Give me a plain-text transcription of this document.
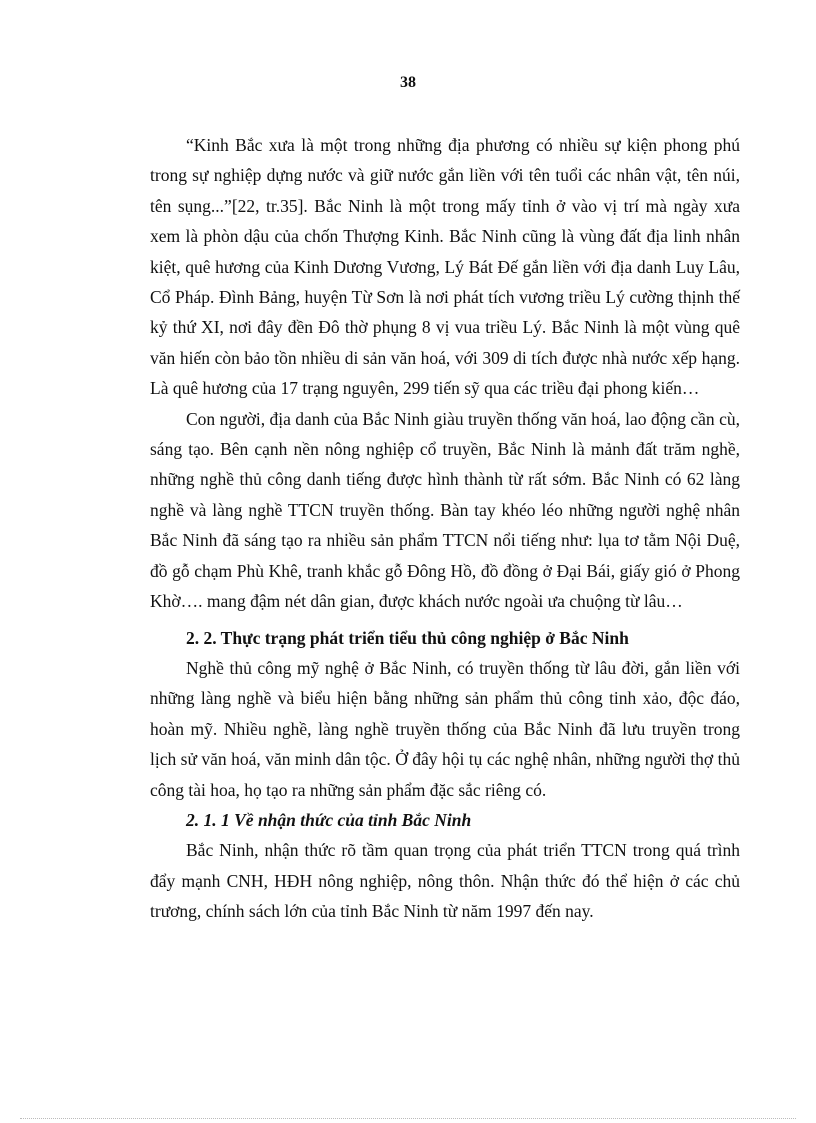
38

“Kinh Bắc xưa là một trong những địa phương có nhiều sự kiện phong phú trong sự nghiệp dựng nước và giữ nước gắn liền với tên tuổi các nhân vật, tên núi, tên sụng...”[22, tr.35]. Bắc Ninh là một trong mấy tỉnh ở vào vị trí mà ngày xưa xem là phòn dậu của chốn Thượng Kinh. Bắc Ninh cũng là vùng đất địa linh nhân kiệt, quê hương của Kinh Dương Vương, Lý Bát Đế gắn liền với địa danh Luy Lâu, Cổ Pháp. Đình Bảng, huyện Từ Sơn là nơi phát tích vương triều Lý cường thịnh thế kỷ thứ XI, nơi đây đền Đô thờ phụng 8 vị vua triều Lý. Bắc Ninh là một vùng quê văn hiến còn bảo tồn nhiều di sản văn hoá, với 309 di tích được nhà nước xếp hạng. Là quê hương của 17 trạng nguyên, 299 tiến sỹ qua các triều đại phong kiến…

Con người, địa danh của Bắc Ninh giàu truyền thống văn hoá, lao động cần cù, sáng tạo. Bên cạnh nền nông nghiệp cổ truyền, Bắc Ninh là mảnh đất trăm nghề, những nghề thủ công danh tiếng được hình thành từ rất sớm. Bắc Ninh có 62 làng nghề và làng nghề TTCN truyền thống. Bàn tay khéo léo những người nghệ nhân Bắc Ninh đã sáng tạo ra nhiều sản phẩm TTCN nổi tiếng như: lụa tơ tằm Nội Duệ, đồ gỗ chạm Phù Khê, tranh khắc gỗ Đông Hồ, đồ đồng ở Đại Bái, giấy gió ở Phong Khờ…. mang đậm nét dân gian, được khách nước ngoài ưa chuộng từ lâu…

2. 2. Thực trạng phát triển tiểu thủ công nghiệp ở Bắc Ninh

Nghề thủ công mỹ nghệ ở Bắc Ninh, có truyền thống từ lâu đời, gắn liền với những làng nghề và biểu hiện bằng những sản phẩm thủ công tinh xảo, độc đáo, hoàn mỹ. Nhiều nghề, làng nghề truyền thống của Bắc Ninh đã lưu truyền trong lịch sử văn hoá, văn minh dân tộc. Ở đây hội tụ các nghệ nhân, những người thợ thủ công tài hoa, họ tạo ra những sản phẩm đặc sắc riêng có.

2. 1. 1 Về nhận thức của tỉnh Bắc Ninh

Bắc Ninh, nhận thức rõ tầm quan trọng của phát triển TTCN trong quá trình đẩy mạnh CNH, HĐH nông nghiệp, nông thôn. Nhận thức đó thể hiện ở các chủ trương, chính sách lớn của tỉnh Bắc Ninh từ năm 1997 đến nay.
